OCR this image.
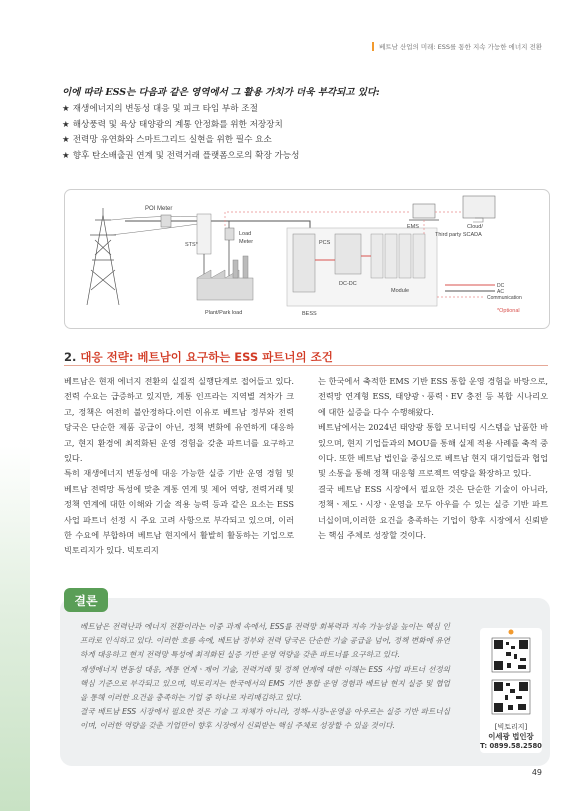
베트남 산업의 미래: ESS를 통한 지속 가능한 에너지 전환
이에 따라 ESS는 다음과 같은 영역에서 그 활용 가치가 더욱 부각되고 있다:
★ 재생에너지의 변동성 대응 및 피크 타임 부하 조절
★ 해상풍력 및 육상 태양광의 계통 안정화를 위한 저장장치
★ 전력망 유연화와 스마트그리드 실현을 위한 필수 요소
★ 향후 탄소배출권 연계 및 전력거래 플랫폼으로의 확장 가능성
POI Meter
STS*
Load
Meter
Plant/Park load	BESS
PCS
DC-DC
Module
EMS	Cloud/
Third party SCADA
DC
AC
Communication
*Optional
2. 대응 전략: 베트남이 요구하는 ESS 파트너의 조건

베트남은 현재 에너지 전환의 실질적 실행단계로 접어들고 있다. 전력 수요는 급증하고 있지만, 계통 인프라는 지역별 격차가 크고, 정책은 여전히 불안정하다.이런 이유로 베트남 정부와 전력 당국은 단순한 제품 공급이 아닌, 정책 변화에 유연하게 대응하고, 현지 환경에 최적화된 운영 경험을 갖춘 파트너를 요구하고 있다.

특히 재생에너지 변동성에 대응 가능한 실증 기반 운영 경험 및 베트남 전력망 특성에 맞춘 계통 연계 및 제어 역량, 전력거래 및 정책 연계에 대한 이해와 기술 적용 능력 등과 같은 요소는 ESS 사업 파트너 선정 시 주요 고려 사항으로 부각되고 있으며, 이러한 수요에 부합하며 베트남 현지에서 활발히 활동하는 기업으로 빅토리지가 있다. 빅토리지

는 한국에서 축적한 EMS 기반 ESS 통합 운영 경험을 바탕으로, 전력망 연계형 ESS, 태양광ㆍ풍력ㆍEV 충전 등 복합 시나리오에 대한 실증을 다수 수행해왔다.

베트남에서는 2024년 태양광 통합 모니터링 시스템을 납품한 바 있으며, 현지 기업들과의 MOU를 통해 실제 적용 사례를 축적 중이다. 또한 베트남 법인을 중심으로 베트남 현지 대기업들과 협업 및 소통을 통해 정책 대응형 프로젝트 역량을 확장하고 있다.

결국 베트남 ESS 시장에서 필요한 것은 단순한 기술이 아니라,정책ㆍ제도ㆍ시장ㆍ운영을 모두 아우를 수 있는 실증 기반 파트너십이며,이러한 요건을 충족하는 기업이 향후 시장에서 신뢰받는 핵심 주체로 성장할 것이다.

결론

베트남은 전력난과 에너지 전환이라는 이중 과제 속에서, ESS를 전력망 회복력과 지속 가능성을 높이는 핵심 인프라로 인식하고 있다. 이러한 흐름 속에, 베트남 정부와 전력 당국은 단순한 기술 공급을 넘어, 정책 변화에 유연하게 대응하고 현지 전력망 특성에 최적화된 실증 기반 운영 역량을 갖춘 파트너를 요구하고 있다.

재생에너지 변동성 대응, 계통 연계ㆍ제어 기술, 전력거래 및 정책 연계에 대한 이해는 ESS 사업 파트너 선정의 핵심 기준으로 부각되고 있으며, 빅토리지는 한국에서의 EMS 기반 통합 운영 경험과 베트남 현지 실증 및 협업을 통해 이러한 요건을 충족하는 기업 중 하나로 자리매김하고 있다.

결국 베트남 ESS 시장에서 필요한 것은 기술 그 자체가 아니라, 정책–시장–운영을 아우르는 실증 기반 파트너십이며, 이러한 역량을 갖춘 기업만이 향후 시장에서 신뢰받는 핵심 주체로 성장할 수 있을 것이다.	[빅토리지]
이세광 법인장
T: 0899.58.2580
49
